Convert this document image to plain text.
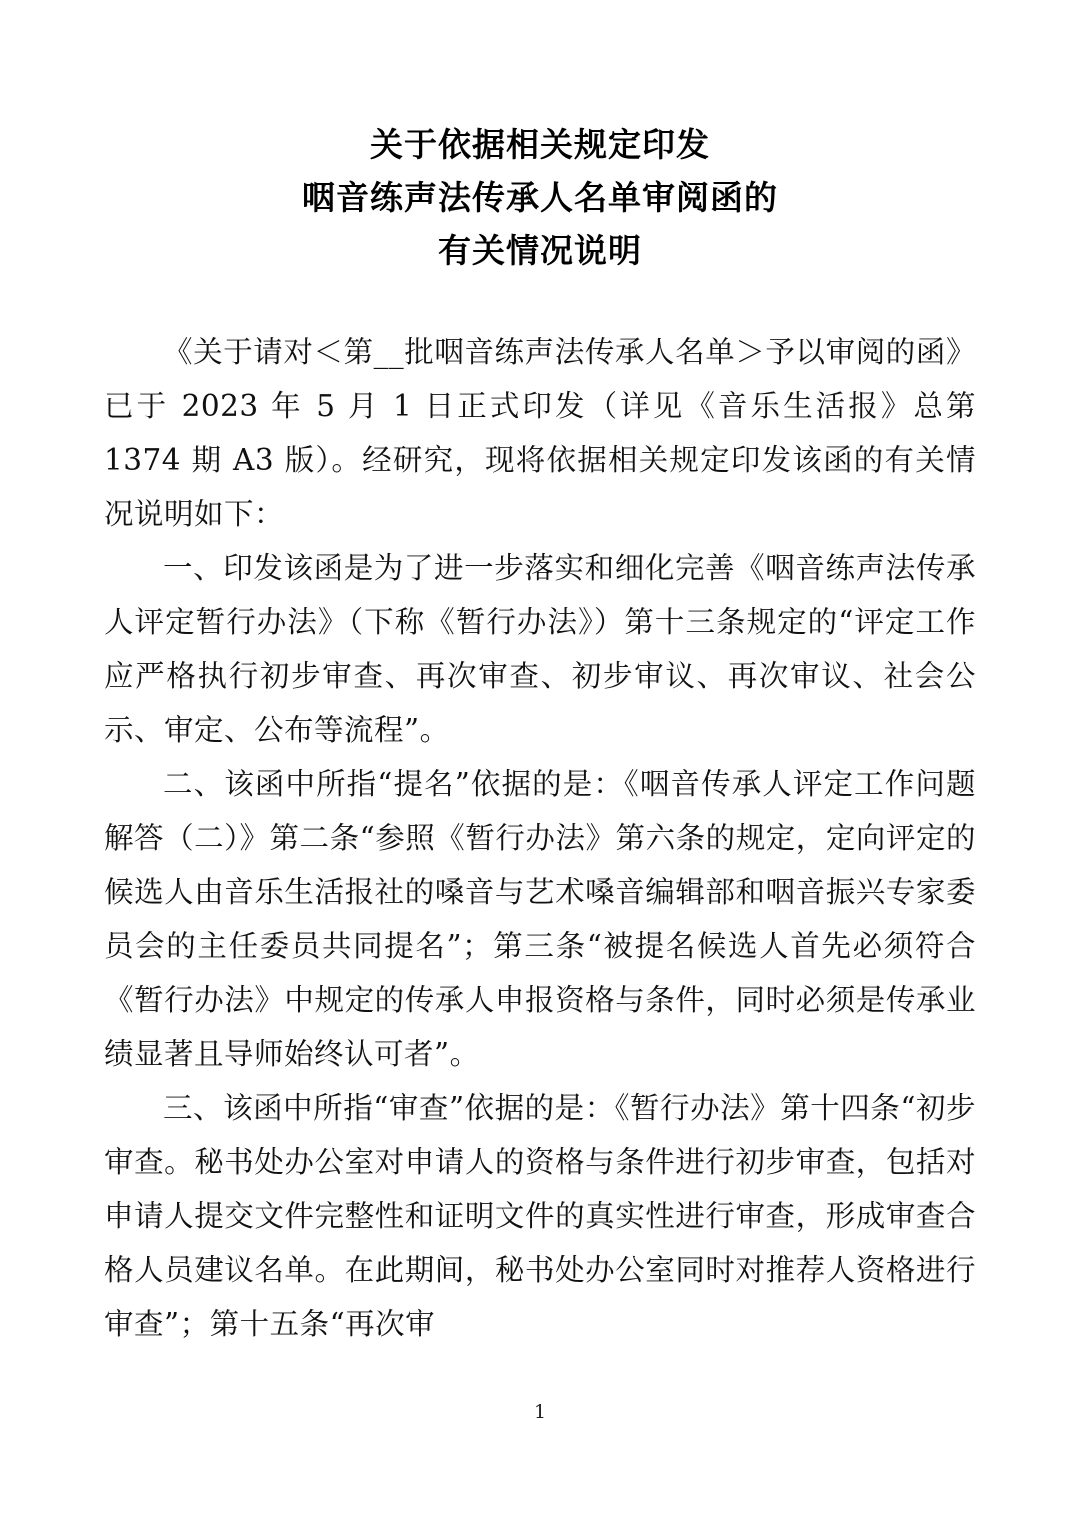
关于依据相关规定印发
咽音练声法传承人名单审阅函的
有关情况说明

《关于请对＜第__批咽音练声法传承人名单＞予以审阅的函》已于 2023 年 5 月 1 日正式印发（详见《音乐生活报》总第 1374 期 A3 版）。经研究，现将依据相关规定印发该函的有关情况说明如下：

一、印发该函是为了进一步落实和细化完善《咽音练声法传承人评定暂行办法》（下称《暂行办法》）第十三条规定的“评定工作应严格执行初步审查、再次审查、初步审议、再次审议、社会公示、审定、公布等流程”。

二、该函中所指“提名”依据的是：《咽音传承人评定工作问题解答（二）》第二条“参照《暂行办法》第六条的规定，定向评定的候选人由音乐生活报社的嗓音与艺术嗓音编辑部和咽音振兴专家委员会的主任委员共同提名”；第三条“被提名候选人首先必须符合《暂行办法》中规定的传承人申报资格与条件，同时必须是传承业绩显著且导师始终认可者”。

三、该函中所指“审查”依据的是：《暂行办法》第十四条“初步审查。秘书处办公室对申请人的资格与条件进行初步审查，包括对申请人提交文件完整性和证明文件的真实性进行审查，形成审查合格人员建议名单。在此期间，秘书处办公室同时对推荐人资格进行审查”；第十五条“再次审

1
